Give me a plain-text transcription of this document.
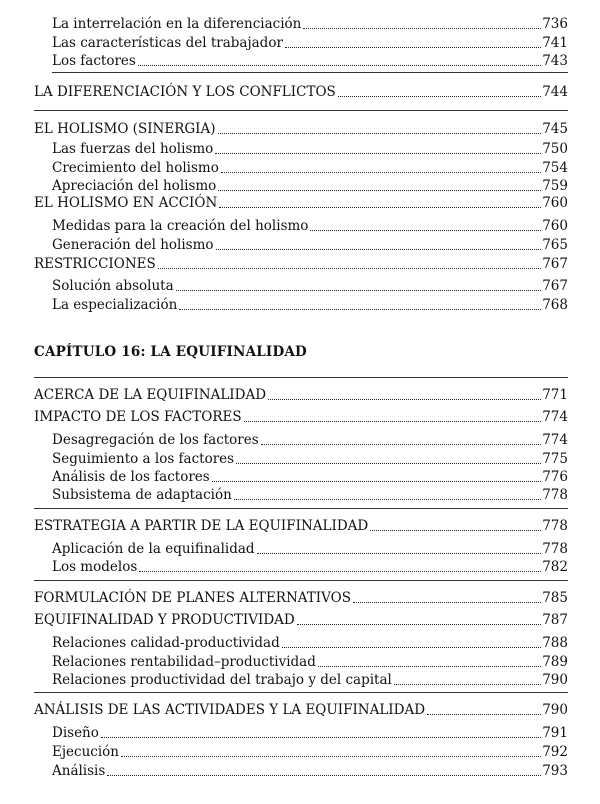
La interrelación en la diferenciación	736
Las características del trabajador	741
Los factores	743
LA DIFERENCIACIÓN Y LOS CONFLICTOS	744
EL HOLISMO (SINERGIA)	745
Las fuerzas del holismo	750
Crecimiento del holismo	754
Apreciación del holismo	759
EL HOLISMO EN ACCIÓN	760
Medidas para la creación del holismo	760
Generación del holismo	765
RESTRICCIONES	767
Solución absoluta	767
La especialización	768
CAPÍTULO 16: LA EQUIFINALIDAD
ACERCA DE LA EQUIFINALIDAD	771
IMPACTO DE LOS FACTORES	774
Desagregación de los factores	774
Seguimiento a los factores	775
Análisis de los factores	776
Subsistema de adaptación	778
ESTRATEGIA A PARTIR DE LA EQUIFINALIDAD	778
Aplicación de la equifinalidad	778
Los modelos	782
FORMULACIÓN DE PLANES ALTERNATIVOS	785
EQUIFINALIDAD Y PRODUCTIVIDAD	787
Relaciones calidad-productividad	788
Relaciones rentabilidad–productividad	789
Relaciones productividad del trabajo y del capital	790
ANÁLISIS DE LAS ACTIVIDADES Y LA EQUIFINALIDAD	790
Diseño	791
Ejecución	792
Análisis	793
